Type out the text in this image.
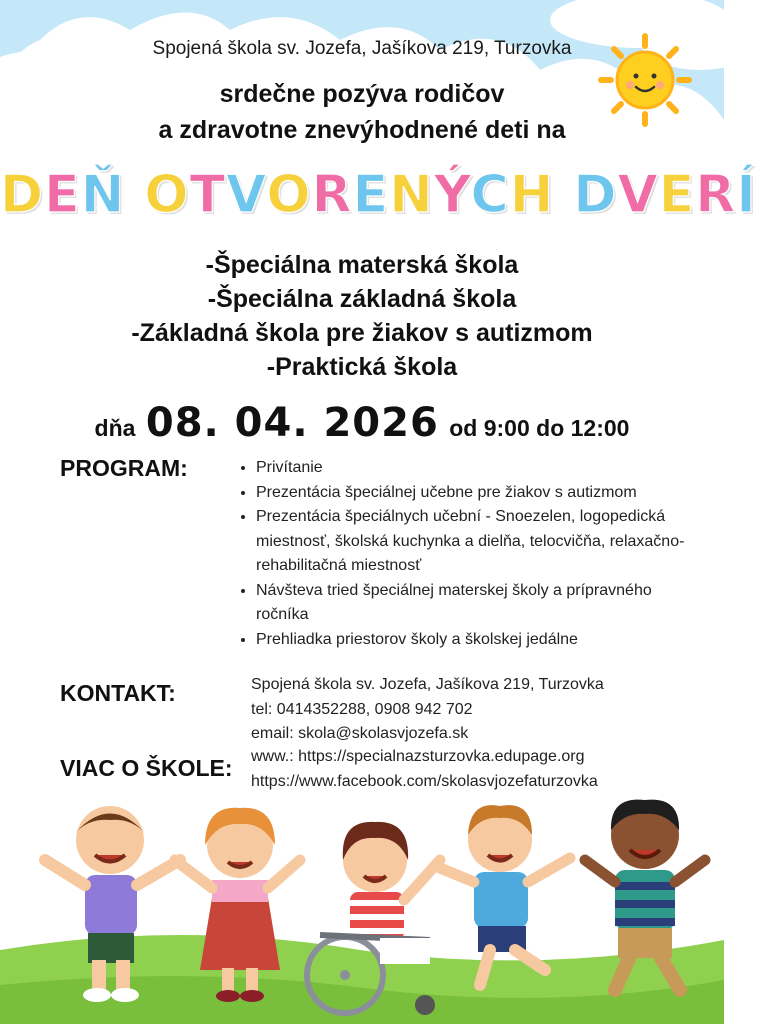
Spojená škola sv. Jozefa, Jašíkova 219, Turzovka
srdečne pozýva rodičov
a zdravotne znevýhodnené deti na
DEŇ OTVORENÝCH DVERÍ
-Špeciálna materská škola
-Špeciálna základná škola
-Základná škola pre žiakov s autizmom
-Praktická škola
dňa 08. 04. 2026 od 9:00 do 12:00
PROGRAM:
•	Privítanie
• Prezentácia špeciálnej učebne pre žiakov s autizmom
• Prezentácia špeciálnych učební - Snoezelen, logopedická miestnosť, školská kuchynka a dielňa, telocvičňa, relaxačno-rehabilitačná miestnosť
• Návšteva tried špeciálnej materskej školy a prípravného ročníka
• Prehliadka priestorov školy a školskej jedálne
KONTAKT:	Spojená škola sv. Jozefa, Jašíkova 219, Turzovka
tel: 0414352288, 0908 942 702
email: skola@skolasvjozefa.sk
VIAC O ŠKOLE: www.: https://specialnazsturzovka.edupage.org
https://www.facebook.com/skolasvjozefaturzovka
